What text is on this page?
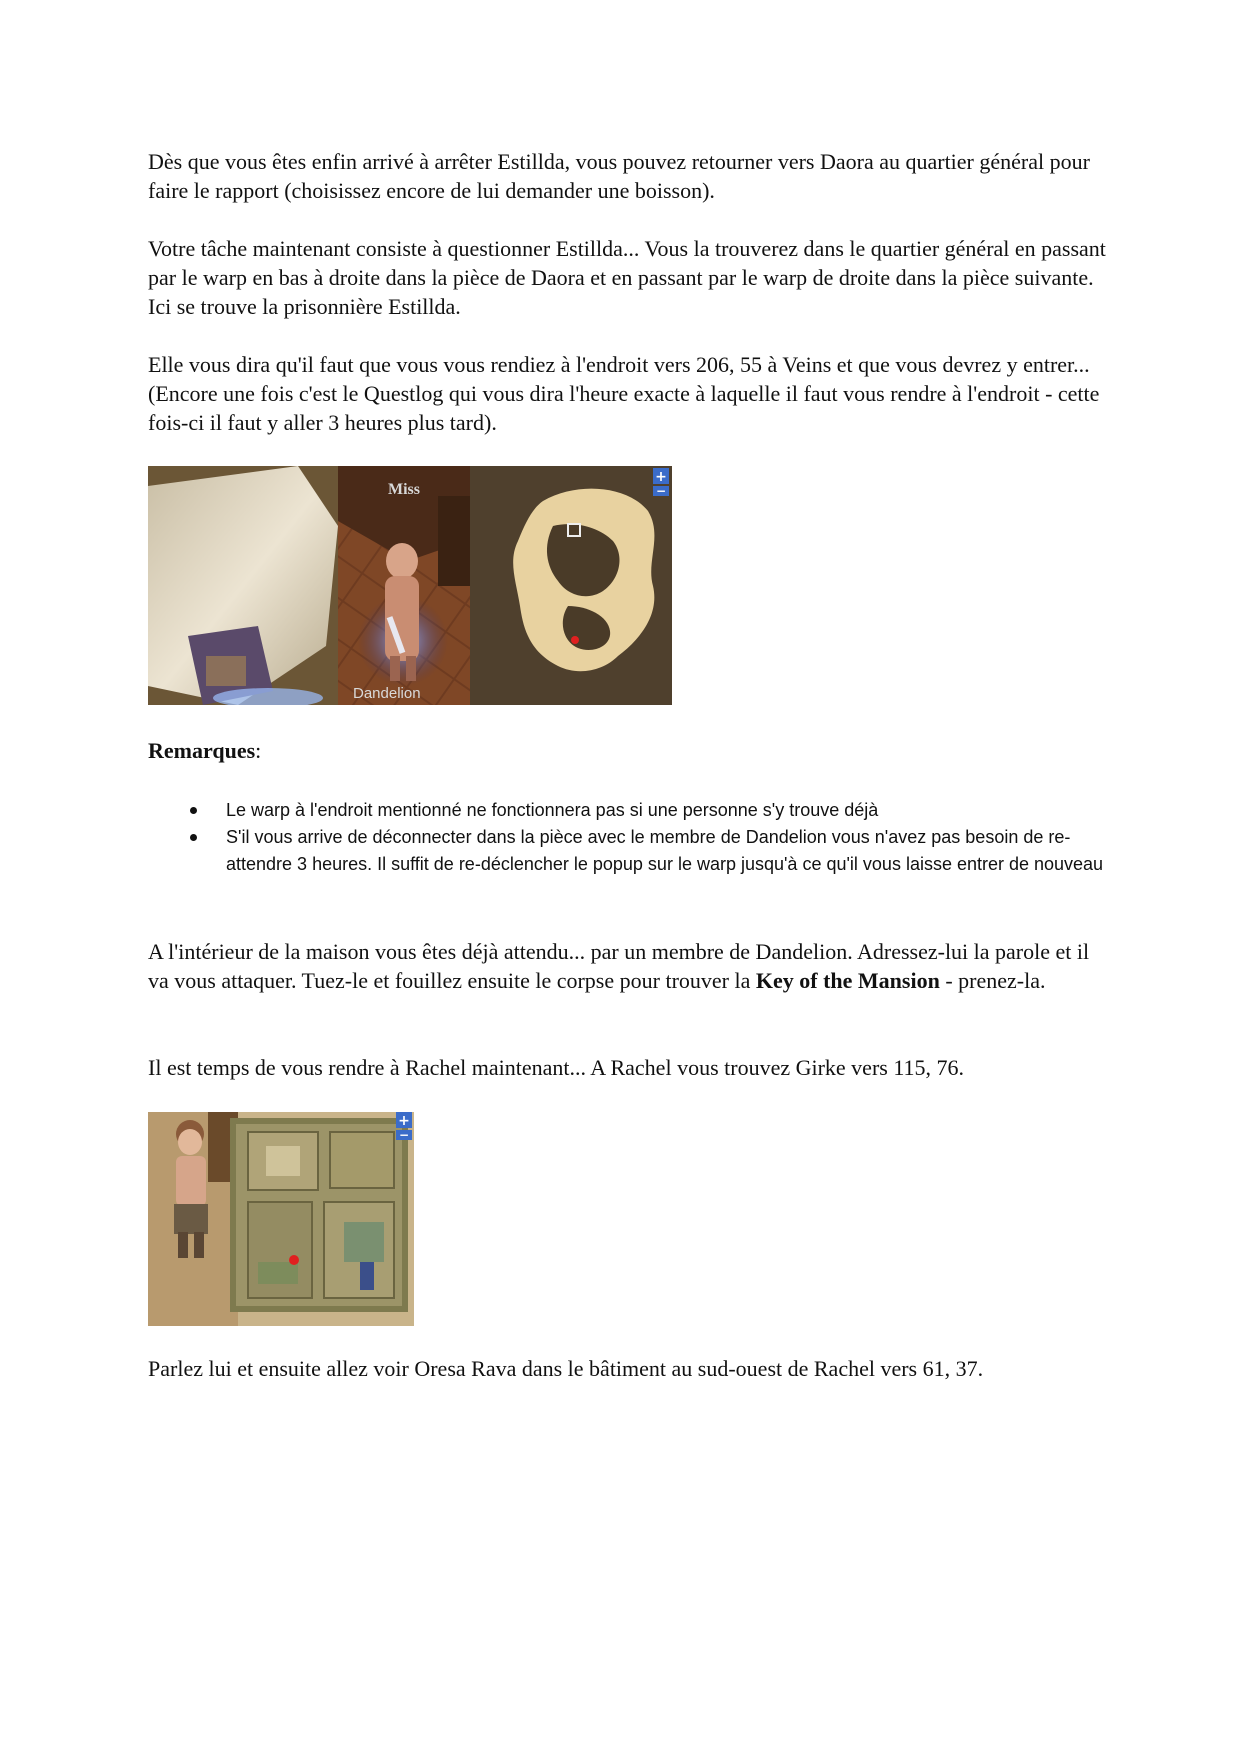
Dès que vous êtes enfin arrivé à arrêter Estillda, vous pouvez retourner vers Daora au quartier général pour faire le rapport (choisissez encore de lui demander une boisson).

Votre tâche maintenant consiste à questionner Estillda... Vous la trouverez dans le quartier général en passant par le warp en bas à droite dans la pièce de Daora et en passant par le warp de droite dans la pièce suivante. Ici se trouve la prisonnière Estillda.

Elle vous dira qu'il faut que vous vous rendiez à l'endroit vers 206, 55 à Veins et que vous devrez y entrer... (Encore une fois c'est le Questlog qui vous dira l'heure exacte à laquelle il faut vous rendre à l'endroit - cette fois-ci il faut y aller 3 heures plus tard).

Miss
Dandelion
+
−

Remarques:

Le warp à l'endroit mentionné ne fonctionnera pas si une personne s'y trouve déjà
S'il vous arrive de déconnecter dans la pièce avec le membre de Dandelion vous n'avez pas besoin de re-attendre 3 heures. Il suffit de re-déclencher le popup sur le warp jusqu'à ce qu'il vous laisse entrer de nouveau

A l'intérieur de la maison vous êtes déjà attendu... par un membre de Dandelion. Adressez-lui la parole et il va vous attaquer. Tuez-le et fouillez ensuite le corpse pour trouver la Key of the Mansion - prenez-la.

Il est temps de vous rendre à Rachel maintenant... A Rachel vous trouvez Girke vers 115, 76.

+
−

Parlez lui et ensuite allez voir Oresa Rava dans le bâtiment au sud-ouest de Rachel vers 61, 37.
